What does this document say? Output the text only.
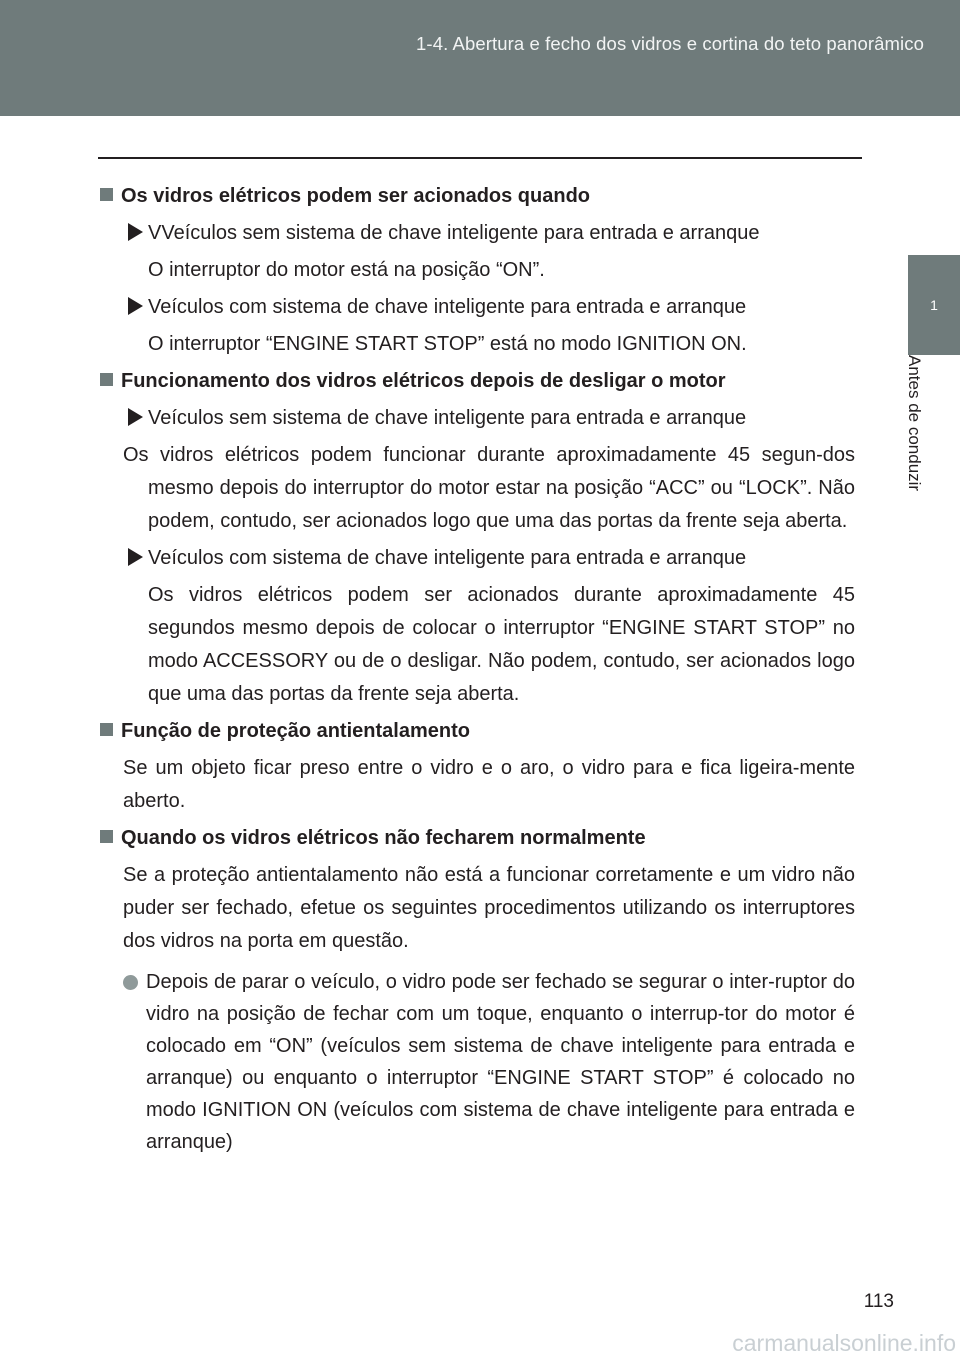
1-4. Abertura e fecho dos vidros e cortina do teto panorâmico
1
Antes de conduzir

Os vidros elétricos podem ser acionados quando

VVeículos sem sistema de chave inteligente para entrada e arranque

O interruptor do motor está na posição “ON”.

Veículos com sistema de chave inteligente para entrada e arranque

O interruptor “ENGINE START STOP” está no modo IGNITION ON.

Funcionamento dos vidros elétricos depois de desligar o motor

Veículos sem sistema de chave inteligente para entrada e arranque

Os vidros elétricos podem funcionar durante aproximadamente 45 segun-dos mesmo depois do interruptor do motor estar na posição “ACC” ou “LOCK”. Não podem, contudo, ser acionados logo que uma das portas da frente seja aberta.

Veículos com sistema de chave inteligente para entrada e arranque

Os vidros elétricos podem ser acionados durante aproximadamente 45 segundos mesmo depois de colocar o interruptor “ENGINE START STOP” no modo ACCESSORY ou de o desligar. Não podem, contudo, ser acionados logo que uma das portas da frente seja aberta.

Função de proteção antientalamento

Se um objeto ficar preso entre o vidro e o aro, o vidro para e fica ligeira-mente aberto.

Quando os vidros elétricos não fecharem normalmente

Se a proteção antientalamento não está a funcionar corretamente e um vidro não puder ser fechado, efetue os seguintes procedimentos utilizando os interruptores dos vidros na porta em questão.

Depois de parar o veículo, o vidro pode ser fechado se segurar o inter-ruptor do vidro na posição de fechar com um toque, enquanto o interrup-tor do motor é colocado em “ON” (veículos sem sistema de chave inteligente para entrada e arranque) ou enquanto o interruptor “ENGINE START STOP” é colocado no modo IGNITION ON (veículos com sistema de chave inteligente para entrada e arranque)

113
carmanualsonline.info
